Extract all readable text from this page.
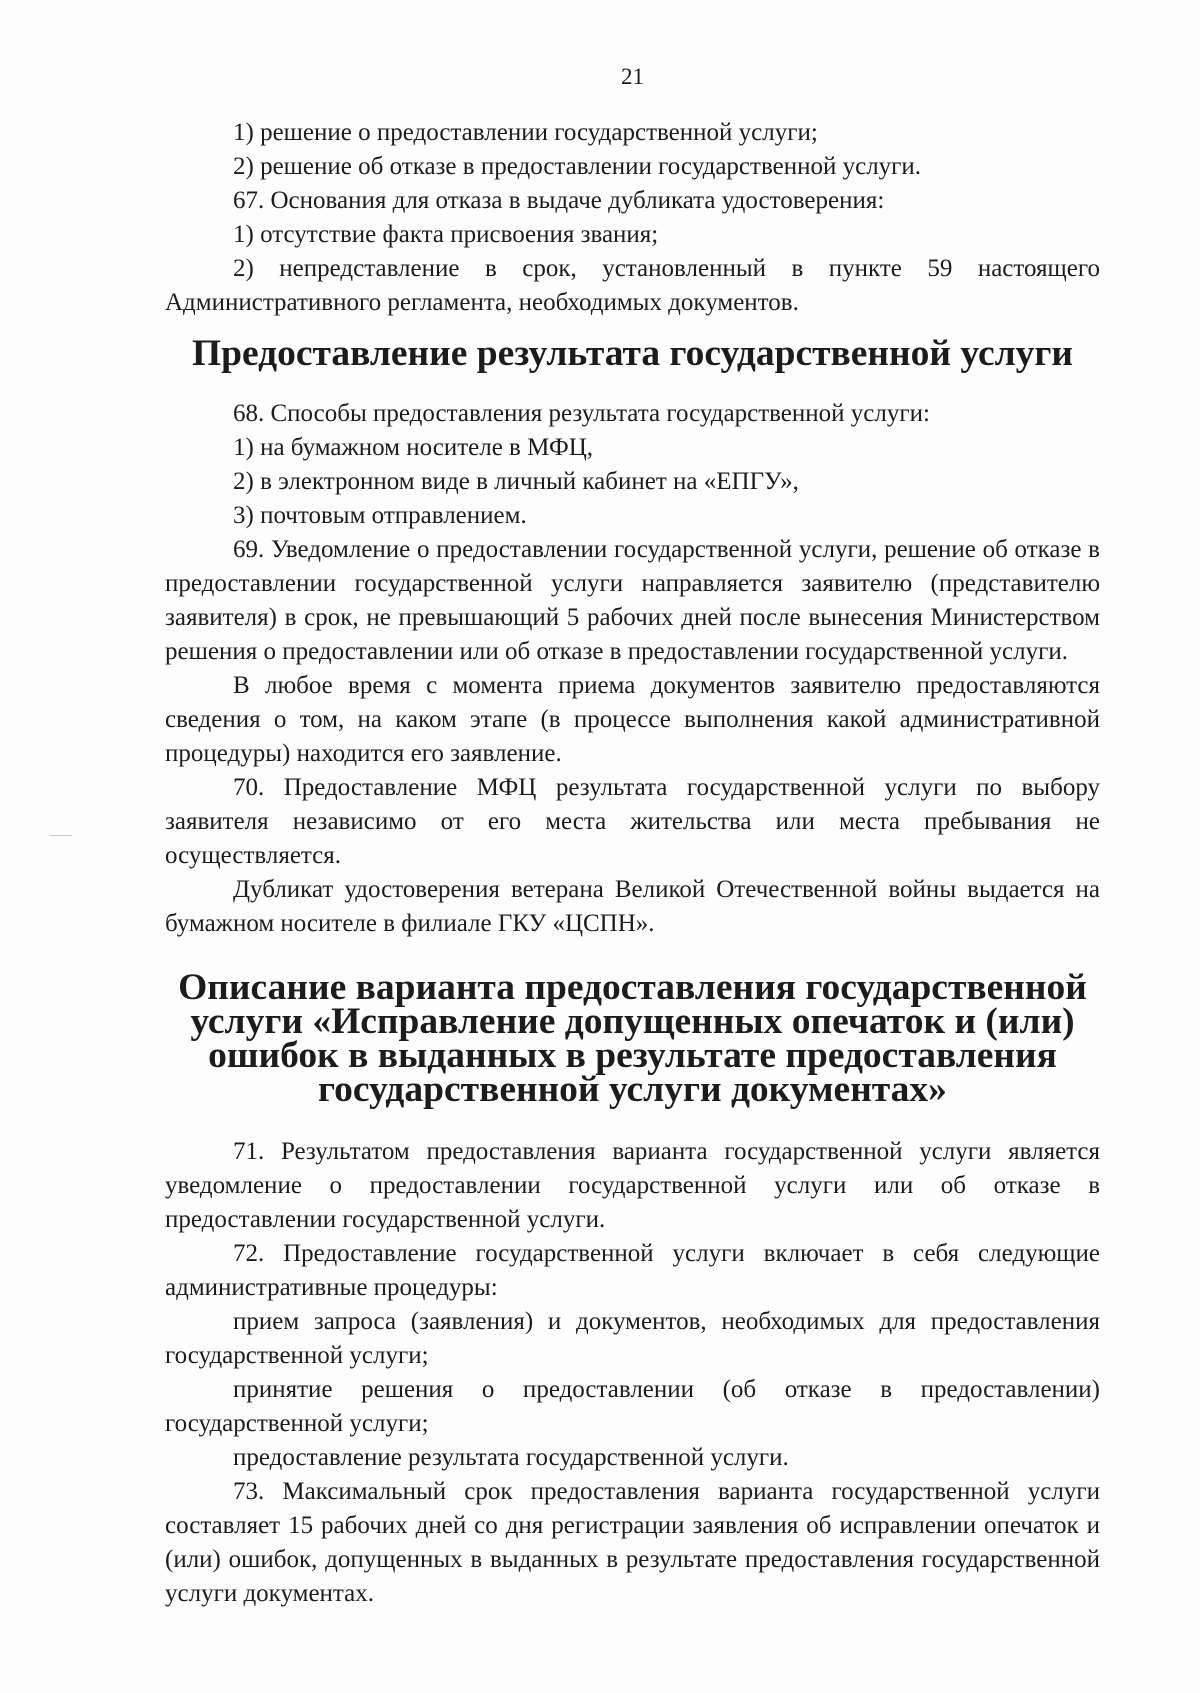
21

1) решение о предоставлении государственной услуги;

2) решение об отказе в предоставлении государственной услуги.

67. Основания для отказа в выдаче дубликата удостоверения:

1) отсутствие факта присвоения звания;

2) непредставление в срок, установленный в пункте 59 настоящего Административного регламента, необходимых документов.

Предоставление результата государственной услуги

68. Способы предоставления результата государственной услуги:

1) на бумажном носителе в МФЦ,

2) в электронном виде в личный кабинет на «ЕПГУ»,

3) почтовым отправлением.

69. Уведомление о предоставлении государственной услуги, решение об отказе в предоставлении государственной услуги направляется заявителю (представителю заявителя) в срок, не превышающий 5 рабочих дней после вынесения Министерством решения о предоставлении или об отказе в предоставлении государственной услуги.

В любое время с момента приема документов заявителю предоставляются сведения о том, на каком этапе (в процессе выполнения какой административной процедуры) находится его заявление.

70. Предоставление МФЦ результата государственной услуги по выбору заявителя независимо от его места жительства или места пребывания не осуществляется.

Дубликат удостоверения ветерана Великой Отечественной войны выдается на бумажном носителе в филиале ГКУ «ЦСПН».

Описание варианта предоставления государственной услуги «Исправление допущенных опечаток и (или) ошибок в выданных в результате предоставления государственной услуги документах»

71. Результатом предоставления варианта государственной услуги является уведомление о предоставлении государственной услуги или об отказе в предоставлении государственной услуги.

72. Предоставление государственной услуги включает в себя следующие административные процедуры:

прием запроса (заявления) и документов, необходимых для предоставления государственной услуги;

принятие решения о предоставлении (об отказе в предоставлении) государственной услуги;

предоставление результата государственной услуги.

73. Максимальный срок предоставления варианта государственной услуги составляет 15 рабочих дней со дня регистрации заявления об исправлении опечаток и (или) ошибок, допущенных в выданных в результате предоставления государственной услуги документах.
